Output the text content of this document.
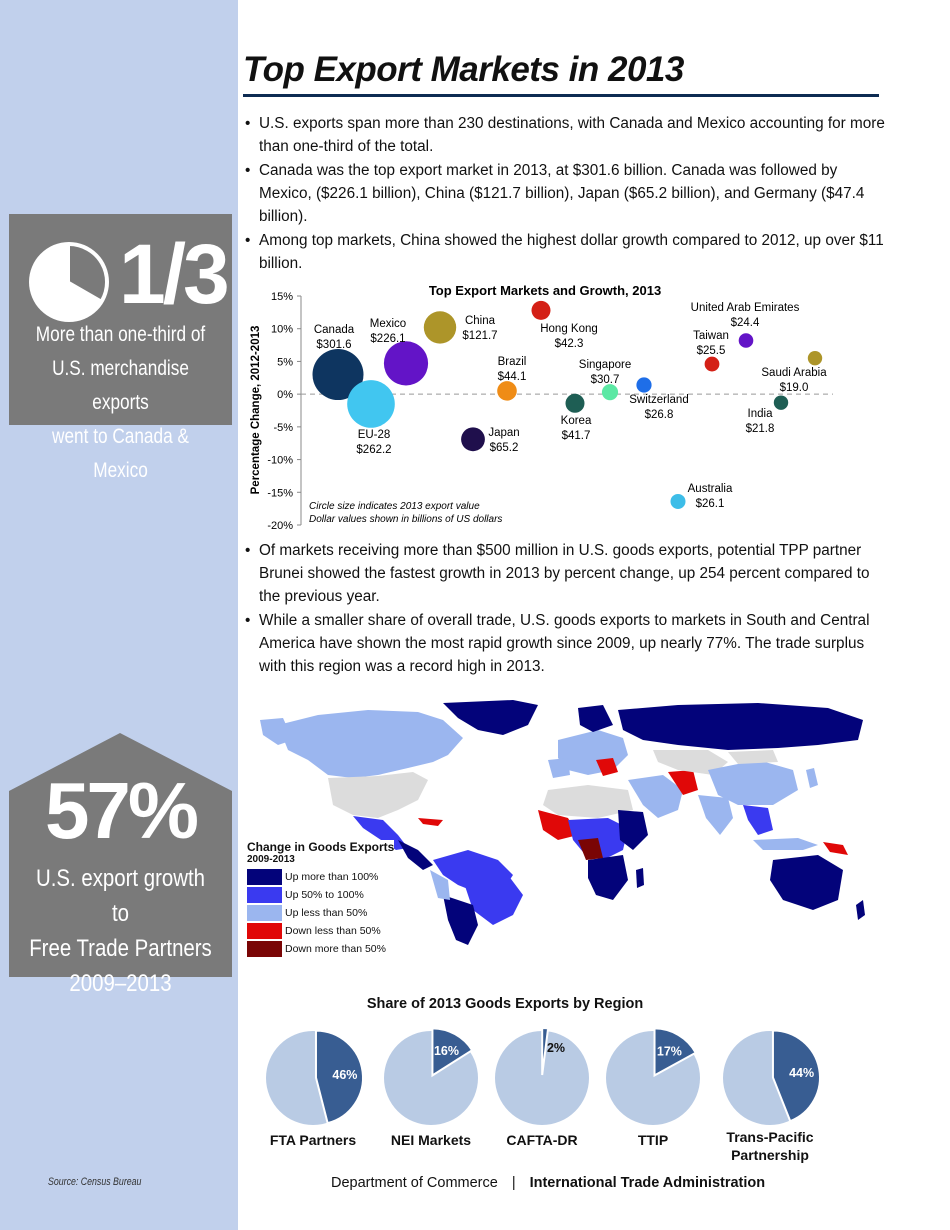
1/3
More than one-third of
U.S. merchandise exports
went to Canada & Mexico
57%
U.S. export growth to
Free Trade Partners
2009–2013
Source: Census Bureau
Top Export Markets in 2013
• U.S. exports span more than 230 destinations, with Canada and Mexico accounting for more than one-third of the total.
• Canada was the top export market in 2013, at $301.6 billion. Canada was followed by Mexico, ($226.1 billion), China ($121.7 billion), Japan ($65.2 billion), and Germany ($47.4 billion).
• Among top markets, China showed the highest dollar growth compared to 2012, up over $11 billion.
Top Export Markets and Growth, 2013
15%
10%
5%
0%
-5%
-10%
-15%
-20%
Percentage Change, 2012-2013	Canada
$301.6
EU-28
$262.2
Mexico
$226.1
China
$121.7
Japan
$65.2
Brazil
$44.1
Hong Kong
$42.3
Korea
$41.7
Singapore
$30.7
Switzerland
$26.8
Australia
$26.1
Taiwan
$25.5
United Arab Emirates
$24.4
India
$21.8
Saudi Arabia
$19.0
Circle size indicates 2013 export value
Dollar values shown in billions of US dollars
• Of markets receiving more than $500 million in U.S. goods exports, potential TPP partner Brunei showed the fastest growth in 2013 by percent change, up 254 percent compared to the previous year.
• While a smaller share of overall trade, U.S. goods exports to markets in South and Central America have shown the most rapid growth since 2009, up nearly 77%. The trade surplus with this region was a record high in 2013.
Change in Goods Exports
2009-2013
Up more than 100%
Up 50% to 100%
Up less than 50%
Down less than 50%
Down more than 50%
Share of 2013 Goods Exports by Region
46%
16%	2%	17%
44%
FTA Partners	NEI Markets	CAFTA-DR	TTIP	Trans-Pacific
Partnership
Department of Commerce | International Trade Administration
